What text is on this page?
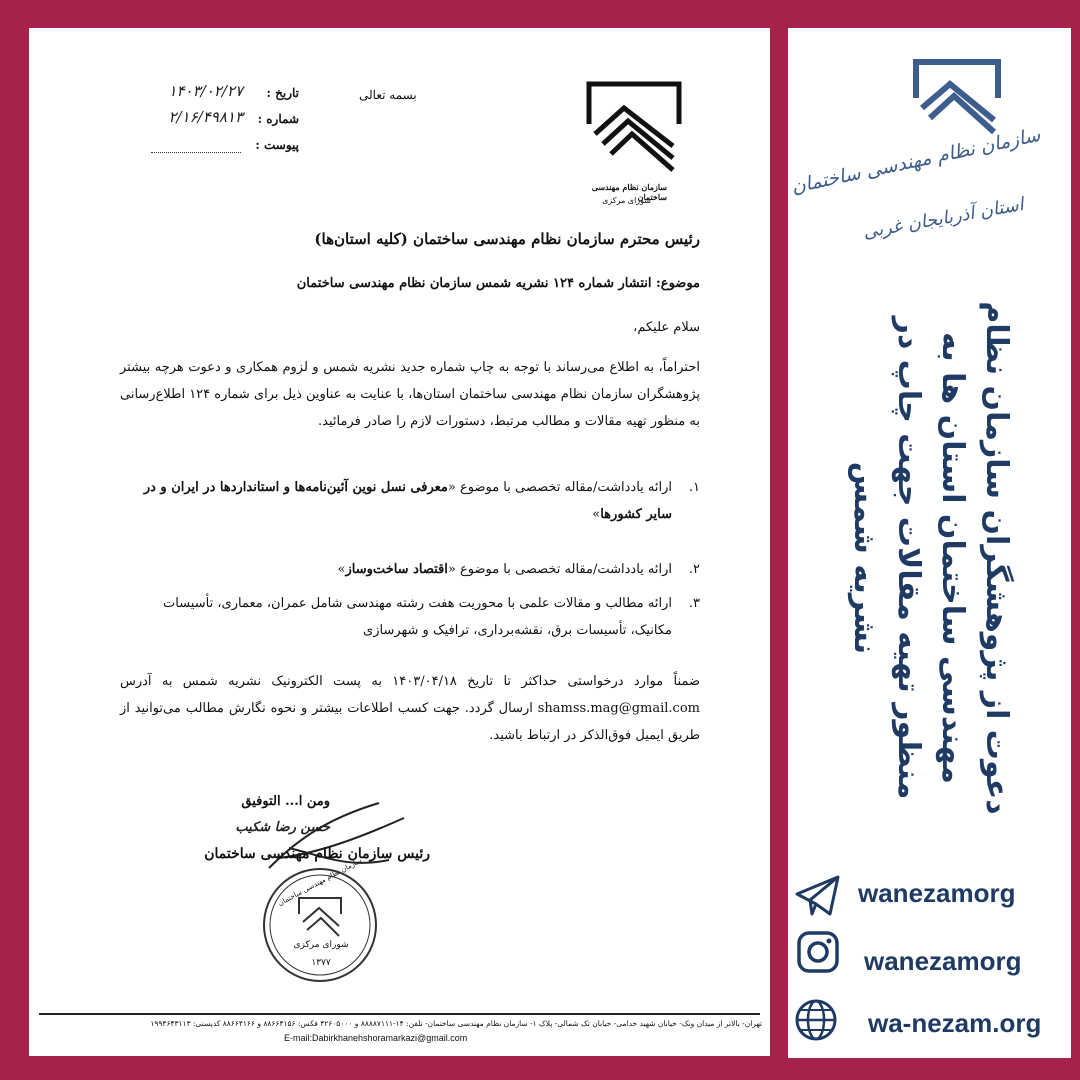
سازمان نظام مهندسی ساختمان
شورای مرکزی
بسمه تعالی
تاریخ :
۱۴۰۳/۰۲/۲۷
شماره :
۲/۱۶/۴۹۸۱۳
پیوست :
رئیس محترم سازمان نظام مهندسی ساختمان (کلیه استان‌ها)
موضوع: انتشار شماره ۱۲۴ نشریه شمس سازمان نظام مهندسی ساختمان
سلام علیکم،
احتراماً، به اطلاع می‌رساند با توجه به چاپ شماره جدید نشریه شمس و لزوم همکاری و دعوت هرچه بیشتر پژوهشگران سازمان نظام مهندسی ساختمان استان‌ها، با عنایت به عناوین ذیل برای شماره ۱۲۴ اطلاع‌رسانی به منظور تهیه مقالات و مطالب مرتبط، دستورات لازم را صادر فرمائید.
۱.
ارائه یادداشت/مقاله تخصصی با موضوع «معرفی نسل نوین آئین‌نامه‌ها و استانداردها در ایران و در سایر کشورها»
۲.
ارائه یادداشت/مقاله تخصصی با موضوع «اقتصاد ساخت‌وساز»
۳.
ارائه مطالب و مقالات علمی با محوریت هفت رشته مهندسی شامل عمران، معماری، تأسیسات مکانیک، تأسیسات برق، نقشه‌برداری، ترافیک و شهرسازی
ضمناً موارد درخواستی حداکثر تا تاریخ ۱۴۰۳/۰۴/۱۸ به پست الکترونیک نشریه شمس به آدرس shamss.mag@gmail.com ارسال گردد. جهت کسب اطلاعات بیشتر و نحوه نگارش مطالب می‌توانید از طریق ایمیل فوق‌الذکر در ارتباط باشید.
ومن ا... التوفیق
حسن رضا شکیب
رئیس سازمان نظام مهندسی ساختمان
سازمان نظام مهندسی ساختمان
شورای مرکزی
۱۳۷۷
تهران- بالاتر از میدان ونک- خیابان شهید خدامی- خیابان تک شمالی- پلاک ۱- سازمان نظام مهندسی ساختمان- تلفن: ۱۴-۸۸۸۸۷۱۱۱ و ۴۲۶۰۵۰۰۰ فکس: ۸۸۶۶۴۱۵۶ و ۸۸۶۶۴۱۶۶ کدپستی: ۱۹۹۴۶۴۳۱۱۳
E-mail:Dabirkhanehshoramarkazi@gmail.com
سازمان نظام مهندسی ساختمان
استان آذربایجان غربی
دعوت از پژوهشگران سازمان نظام مهندسی ساختمان استان ها به منظور تهیه مقالات جهت چاپ در نشریه شمس
wanezamorg
wanezamorg
wa-nezam.org
